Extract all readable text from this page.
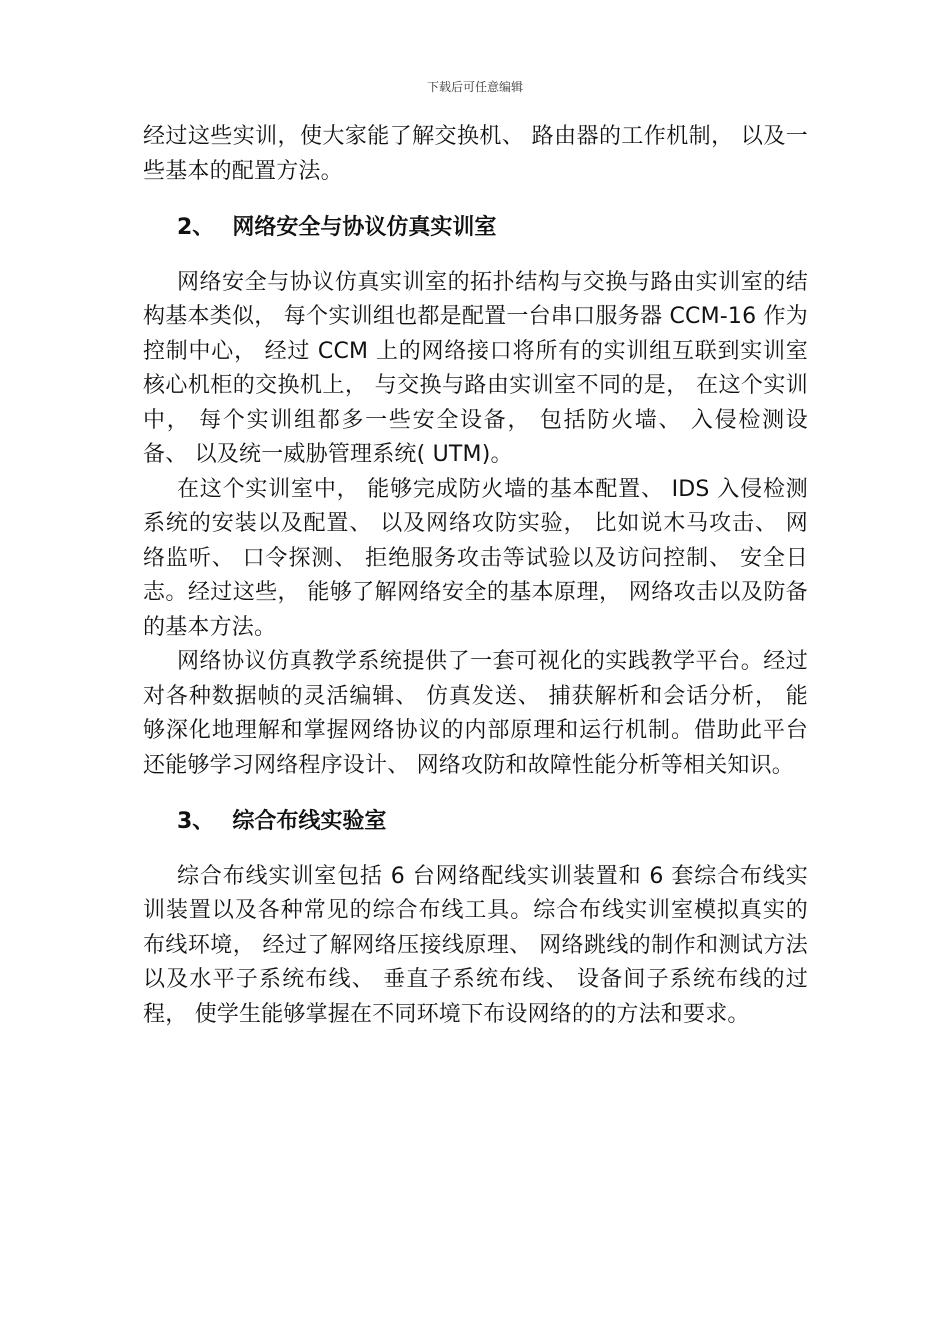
下载后可任意编辑

经过这些实训，使大家能了解交换机、 路由器的工作机制， 以及一些基本的配置方法。

2、 网络安全与协议仿真实训室

网络安全与协议仿真实训室的拓扑结构与交换与路由实训室的结构基本类似， 每个实训组也都是配置一台串口服务器 CCM-16 作为控制中心， 经过 CCM 上的网络接口将所有的实训组互联到实训室核心机柜的交换机上， 与交换与路由实训室不同的是， 在这个实训中， 每个实训组都多一些安全设备， 包括防火墙、 入侵检测设备、 以及统一威胁管理系统( UTM)。

在这个实训室中， 能够完成防火墙的基本配置、 IDS 入侵检测系统的安装以及配置、 以及网络攻防实验， 比如说木马攻击、 网络监听、 口令探测、 拒绝服务攻击等试验以及访问控制、 安全日志。经过这些， 能够了解网络安全的基本原理， 网络攻击以及防备的基本方法。

网络协议仿真教学系统提供了一套可视化的实践教学平台。经过对各种数据帧的灵活编辑、 仿真发送、 捕获解析和会话分析， 能够深化地理解和掌握网络协议的内部原理和运行机制。借助此平台还能够学习网络程序设计、 网络攻防和故障性能分析等相关知识。

3、 综合布线实验室

综合布线实训室包括 6 台网络配线实训装置和 6 套综合布线实训装置以及各种常见的综合布线工具。综合布线实训室模拟真实的布线环境， 经过了解网络压接线原理、 网络跳线的制作和测试方法以及水平子系统布线、 垂直子系统布线、 设备间子系统布线的过程， 使学生能够掌握在不同环境下布设网络的的方法和要求。
